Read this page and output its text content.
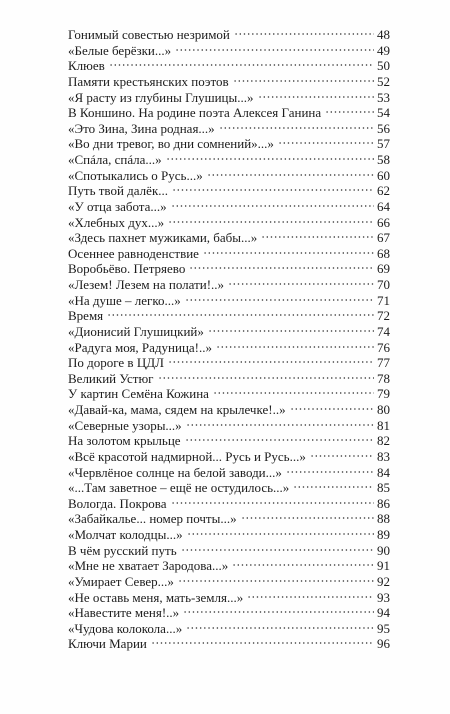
Гонимый совестью незримой	48
«Белые берёзки...»	49
Клюев	50
Памяти крестьянских поэтов	52
«Я расту из глубины Глушицы...»	53
В Коншино. На родине поэта Алексея Ганина	54
«Это Зина, Зина родная...»	56
«Во дни тревог, во дни сомнений»...»	57
«Спáла, спáла...»	58
«Спотыкались о Русь...»	60
Путь твой далёк...	62
«У отца забота...»	64
«Хлебных дух...»	66
«Здесь пахнет мужиками, бабы...»	67
Осеннее равноденствие	68
Воробьёво. Петряево	69
«Лезем! Лезем на полати!..»	70
«На душе – легко...»	71
Время	72
«Дионисий Глушицкий»	74
«Радуга моя, Радуница!..»	76
По дороге в ЦДЛ	77
Великий Устюг	78
У картин Семёна Кожина	79
«Давай-ка, мама, сядем на крылечке!..»	80
«Северные узоры...»	81
На золотом крыльце	82
«Всё красотой надмирной... Русь и Русь...»	83
«Червлёное солнце на белой заводи...»	84
«...Там заветное – ещё не остудилось...»	85
Вологда. Покрова	86
«Забайкалье... номер почты...»	88
«Молчат колодцы...»	89
В чём русский путь	90
«Мне не хватает Зародова...»	91
«Умирает Север...»	92
«Не оставь меня, мать-земля...»	93
«Навестите меня!..»	94
«Чудова колокола...»	95
Ключи Марии	96
